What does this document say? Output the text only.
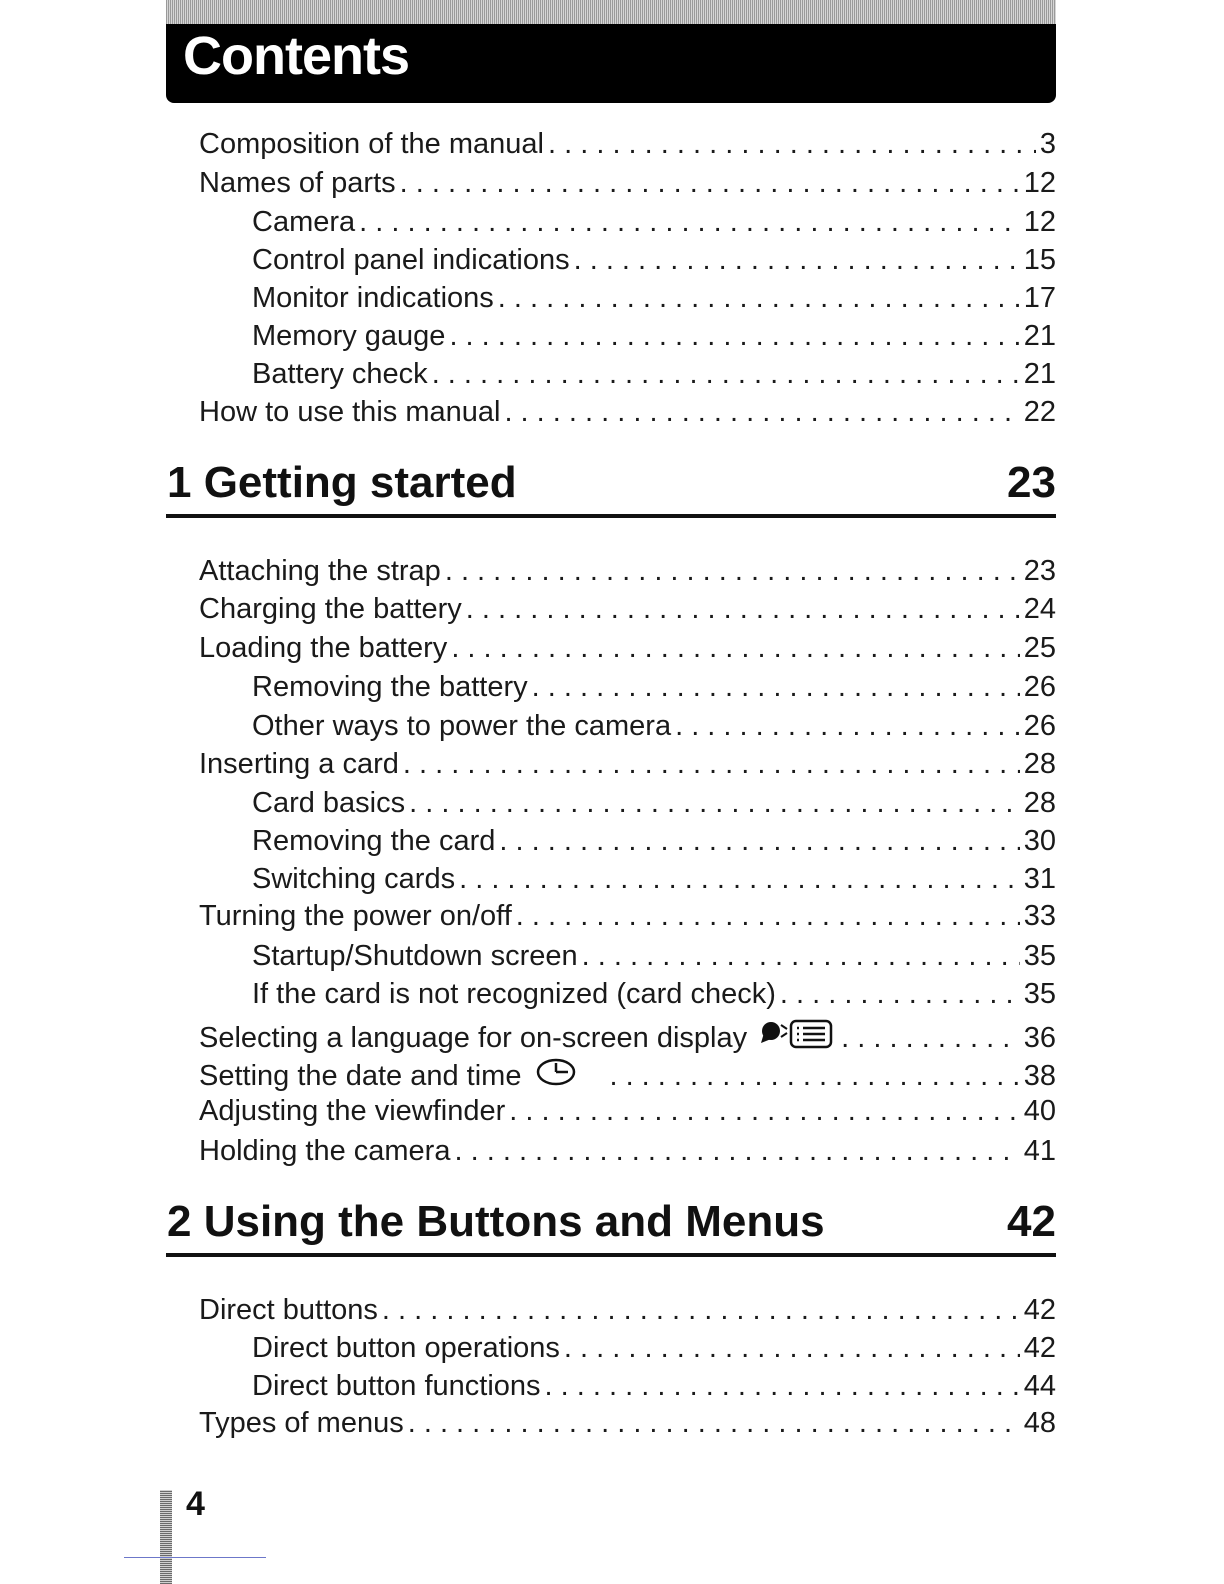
Contents
Composition of the manual . . .	3
Names of parts . . .	12
Camera . . .	12
Control panel indications . . .	15
Monitor indications . . .	17
Memory gauge . . .	21
Battery check . . .	21
How to use this manual . . .	22
1 Getting started	23
Attaching the strap . . .	23
Charging the battery . . .	24
Loading the battery . . .	25
Removing the battery . . .	26
Other ways to power the camera . . .	26
Inserting a card . . .	28
Card basics . . .	28
Removing the card . . .	30
Switching cards . . .	31
Turning the power on/off . . .	33
Startup/Shutdown screen . . .	35
If the card is not recognized (card check) . . .	35
Selecting a language for on-screen display . . .	36
Setting the date and time . . .	38
Adjusting the viewfinder . . .	40
Holding the camera . . .	41
2 Using the Buttons and Menus	42
Direct buttons . . .	42
Direct button operations . . .	42
Direct button functions . . .	44
Types of menus . . .	48
4
